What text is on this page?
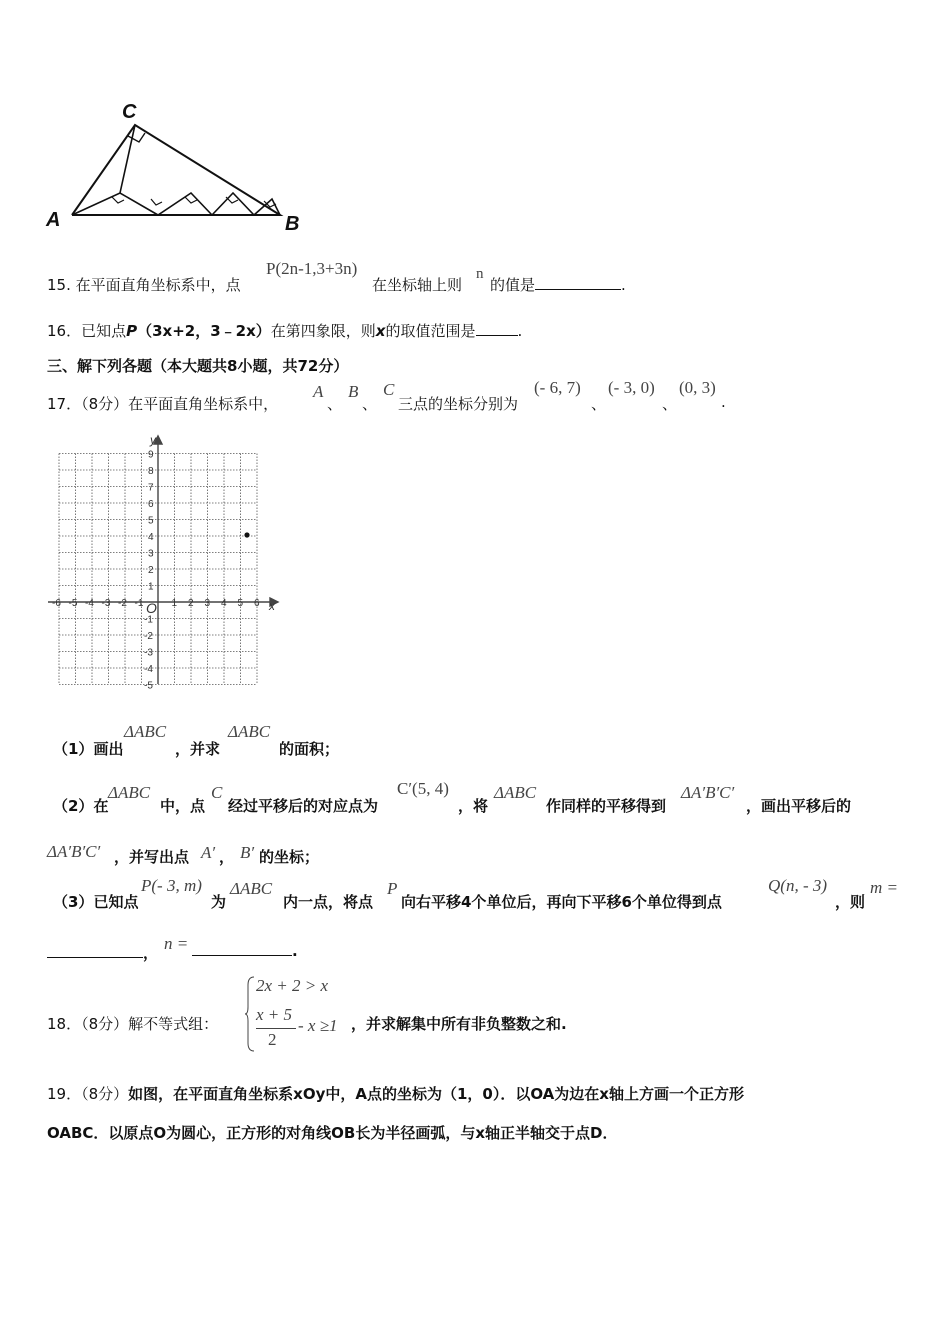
A	B
C
15. 在平面直角坐标系中，点
P(2n-1,3+3n)
在坐标轴上则
n
的值是	.
16．已知点P（3x+2，3﹣2x）在第四象限，则x的取值范围是	.
三、解下列各题（本大题共8小题，共72分）
17．（8分）在平面直角坐标系中，
A
、
B
、
C
三点的坐标分别为
(- 6, 7)
、
(- 3, 0)
、
(0, 3)
.
-6 -5 -4 -3 -2 -1	1 2 3 4 5 6
9
8
7
6
5
4
3
2
1
-1
-2
-3
-4
-5
y
x
O
（1）画出
ΔABC
，并求
ΔABC
的面积；
（2）在
ΔABC
中，点
C
经过平移后的对应点为
C′(5, 4)
，将
ΔABC
作同样的平移得到
ΔA′B′C′
，画出平移后的
ΔA′B′C′ ，并写出点 A′ ， B′ 的坐标；
（3）已知点
P(- 3, m)
为
ΔABC
内一点，将点
P
向右平移4个单位后，再向下平移6个单位得到点
Q(n, - 3)
，则
m =
， n =	.
18．（8分）解不等式组：
2x + 2 > x
x + 5
2
- x ≥1 ，并求解集中所有非负整数之和.
19．（8分）如图，在平面直角坐标系xOy中，A点的坐标为（1，0）．以OA为边在x轴上方画一个正方形
OABC．以原点O为圆心，正方形的对角线OB长为半径画弧，与x轴正半轴交于点D．
